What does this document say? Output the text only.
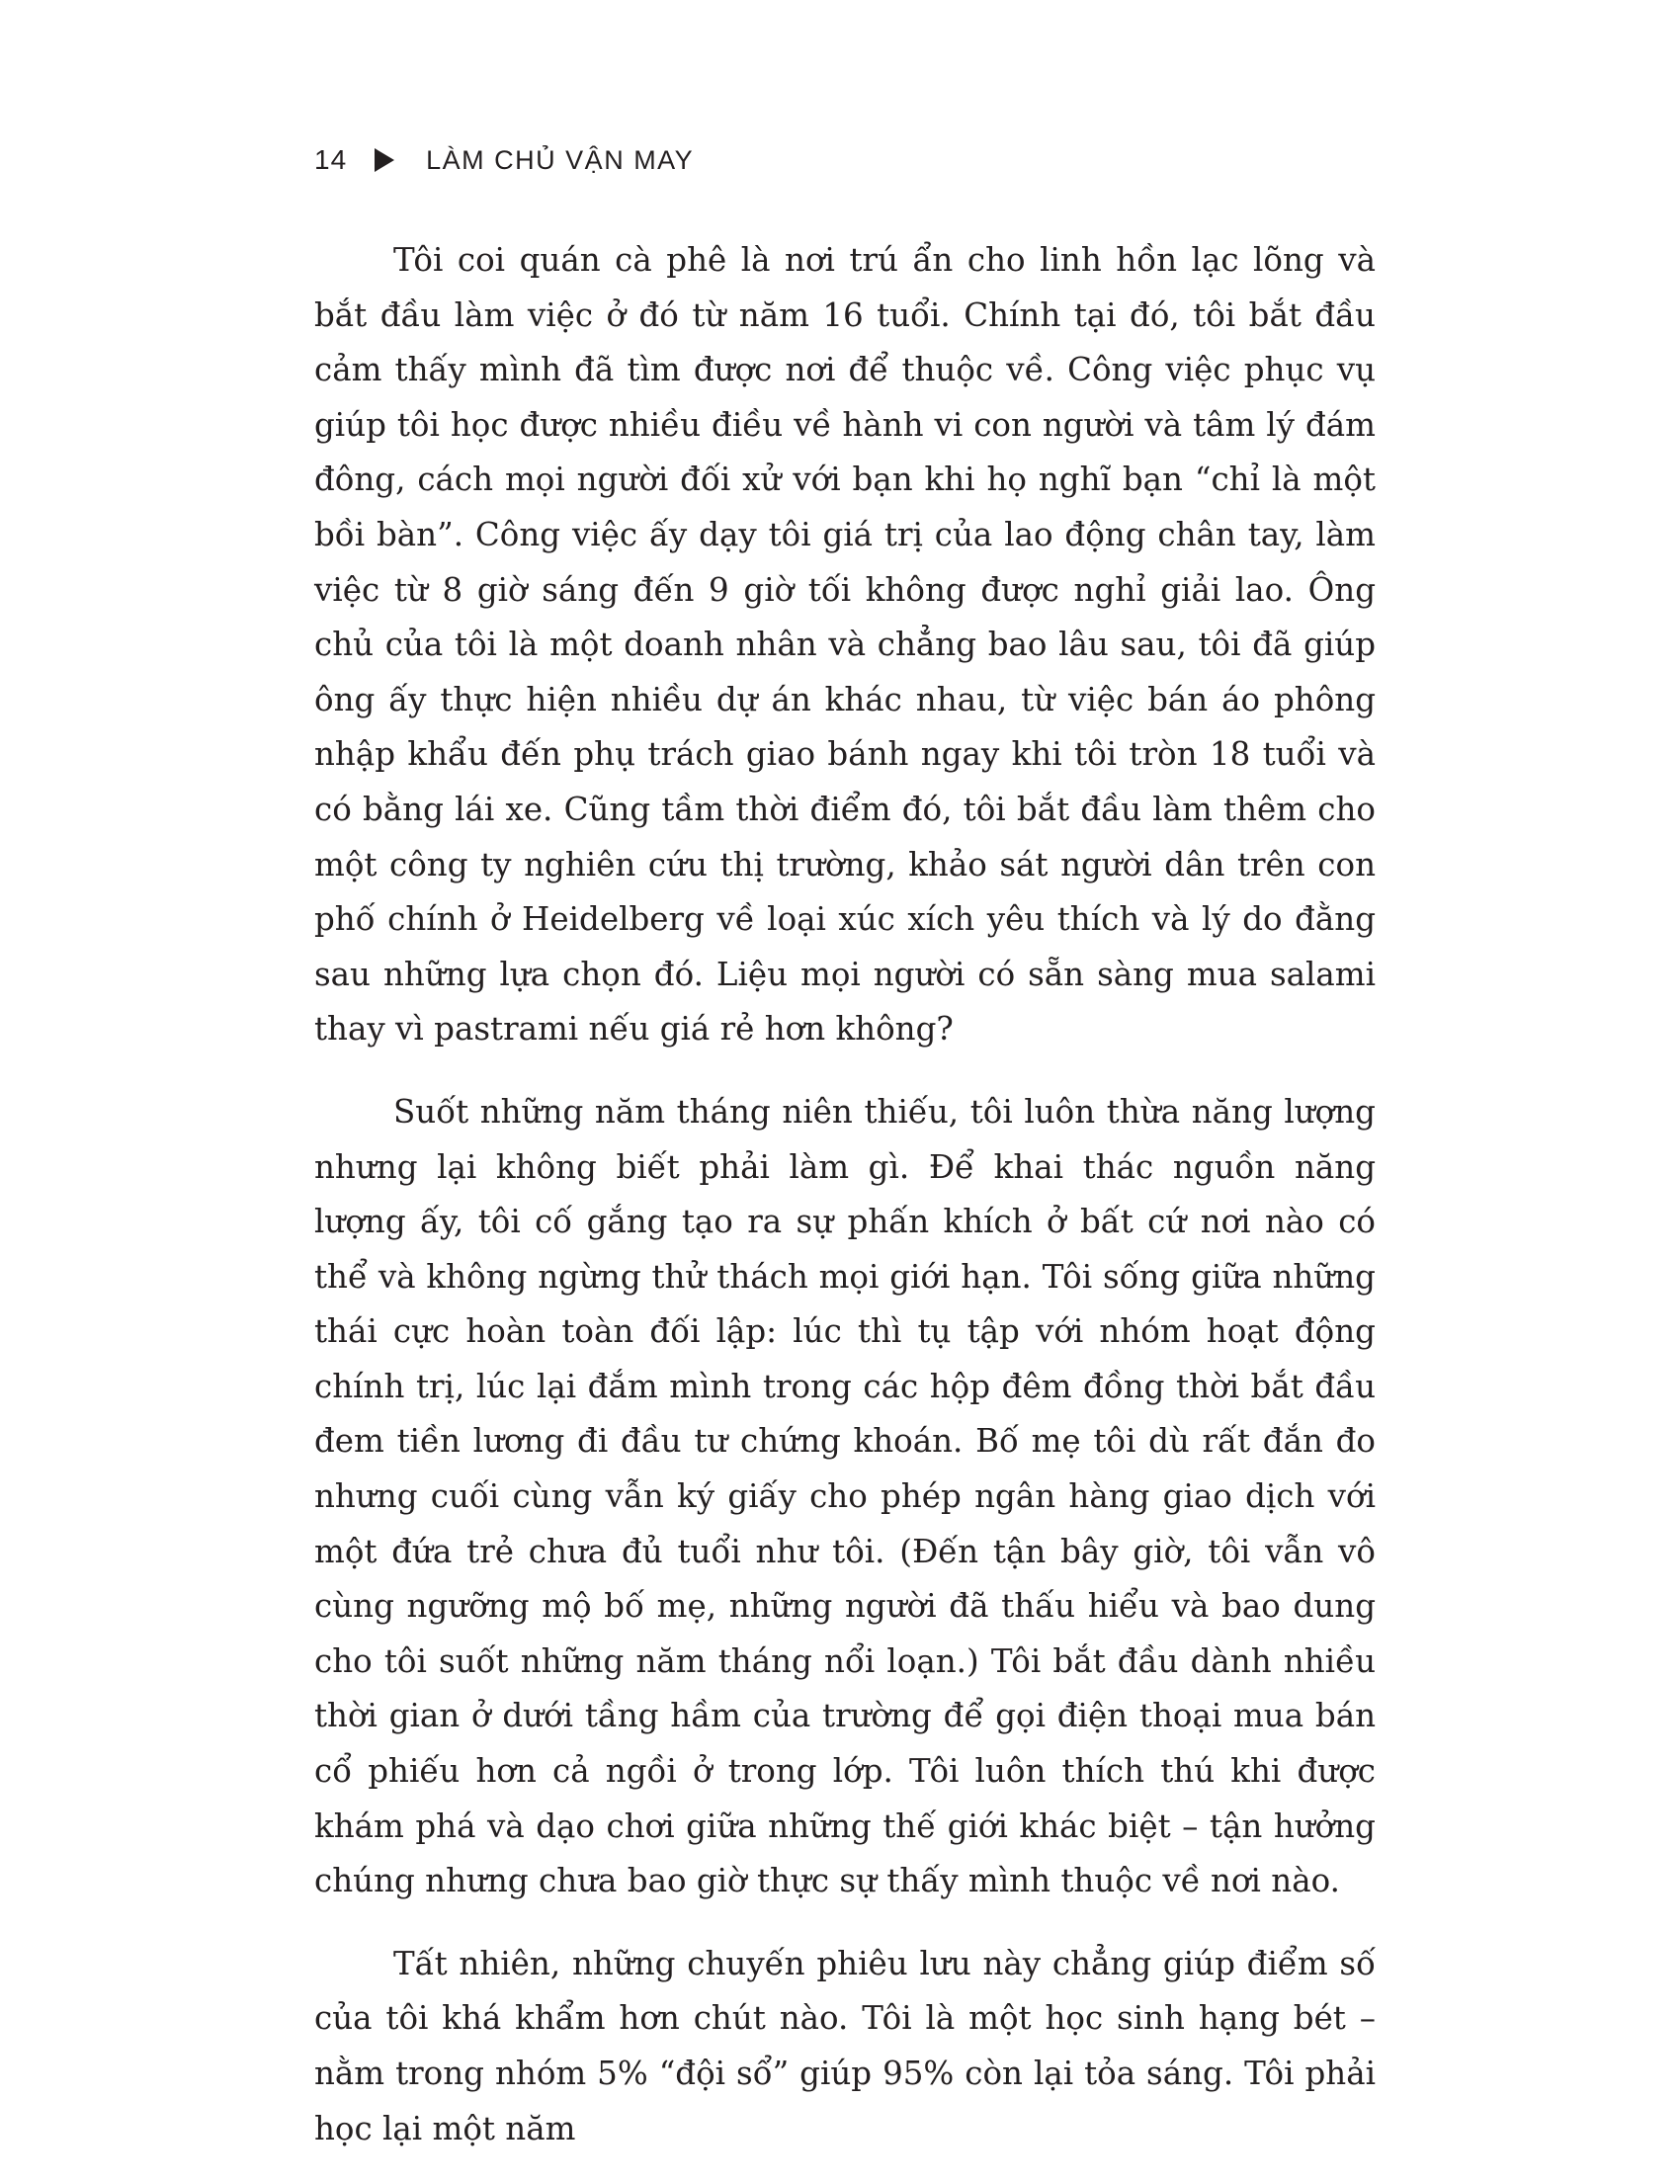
14	LÀM CHỦ VẬN MAY

Tôi coi quán cà phê là nơi trú ẩn cho linh hồn lạc lõng và bắt đầu làm việc ở đó từ năm 16 tuổi. Chính tại đó, tôi bắt đầu cảm thấy mình đã tìm được nơi để thuộc về. Công việc phục vụ giúp tôi học được nhiều điều về hành vi con người và tâm lý đám đông, cách mọi người đối xử với bạn khi họ nghĩ bạn “chỉ là một bồi bàn”. Công việc ấy dạy tôi giá trị của lao động chân tay, làm việc từ 8 giờ sáng đến 9 giờ tối không được nghỉ giải lao. Ông chủ của tôi là một doanh nhân và chẳng bao lâu sau, tôi đã giúp ông ấy thực hiện nhiều dự án khác nhau, từ việc bán áo phông nhập khẩu đến phụ trách giao bánh ngay khi tôi tròn 18 tuổi và có bằng lái xe. Cũng tầm thời điểm đó, tôi bắt đầu làm thêm cho một công ty nghiên cứu thị trường, khảo sát người dân trên con phố chính ở Heidelberg về loại xúc xích yêu thích và lý do đằng sau những lựa chọn đó. Liệu mọi người có sẵn sàng mua salami thay vì pastrami nếu giá rẻ hơn không?

Suốt những năm tháng niên thiếu, tôi luôn thừa năng lượng nhưng lại không biết phải làm gì. Để khai thác nguồn năng lượng ấy, tôi cố gắng tạo ra sự phấn khích ở bất cứ nơi nào có thể và không ngừng thử thách mọi giới hạn. Tôi sống giữa những thái cực hoàn toàn đối lập: lúc thì tụ tập với nhóm hoạt động chính trị, lúc lại đắm mình trong các hộp đêm đồng thời bắt đầu đem tiền lương đi đầu tư chứng khoán. Bố mẹ tôi dù rất đắn đo nhưng cuối cùng vẫn ký giấy cho phép ngân hàng giao dịch với một đứa trẻ chưa đủ tuổi như tôi. (Đến tận bây giờ, tôi vẫn vô cùng ngưỡng mộ bố mẹ, những người đã thấu hiểu và bao dung cho tôi suốt những năm tháng nổi loạn.) Tôi bắt đầu dành nhiều thời gian ở dưới tầng hầm của trường để gọi điện thoại mua bán cổ phiếu hơn cả ngồi ở trong lớp. Tôi luôn thích thú khi được khám phá và dạo chơi giữa những thế giới khác biệt – tận hưởng chúng nhưng chưa bao giờ thực sự thấy mình thuộc về nơi nào.

Tất nhiên, những chuyến phiêu lưu này chẳng giúp điểm số của tôi khá khẩm hơn chút nào. Tôi là một học sinh hạng bét – nằm trong nhóm 5% “đội sổ” giúp 95% còn lại tỏa sáng. Tôi phải học lại một năm
